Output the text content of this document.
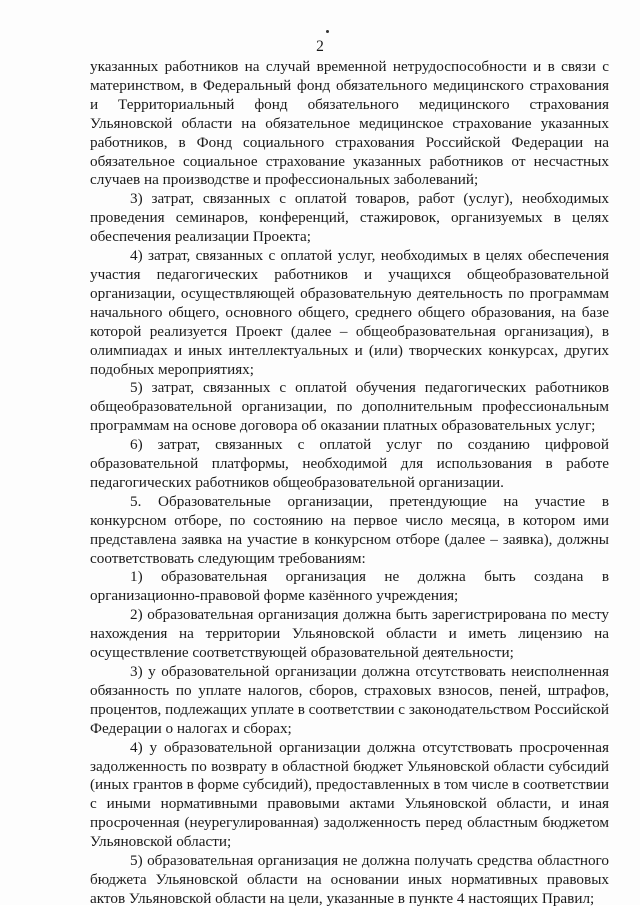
2

указанных работников на случай временной нетрудоспособности и в связи с материнством, в Федеральный фонд обязательного медицинского страхования и Территориальный фонд обязательного медицинского страхования Ульяновской области на обязательное медицинское страхование указанных работников, в Фонд социального страхования Российской Федерации на обязательное социальное страхование указанных работников от несчастных случаев на производстве и профессиональных заболеваний;

3) затрат, связанных с оплатой товаров, работ (услуг), необходимых проведения семинаров, конференций, стажировок, организуемых в целях обеспечения реализации Проекта;

4) затрат, связанных с оплатой услуг, необходимых в целях обеспечения участия педагогических работников и учащихся общеобразовательной организации, осуществляющей образовательную деятельность по программам начального общего, основного общего, среднего общего образования, на базе которой реализуется Проект (далее – общеобразовательная организация), в олимпиадах и иных интеллектуальных и (или) творческих конкурсах, других подобных мероприятиях;

5) затрат, связанных с оплатой обучения педагогических работников общеобразовательной организации, по дополнительным профессиональным программам на основе договора об оказании платных образовательных услуг;

6) затрат, связанных с оплатой услуг по созданию цифровой образовательной платформы, необходимой для использования в работе педагогических работников общеобразовательной организации.

5. Образовательные организации, претендующие на участие в конкурсном отборе, по состоянию на первое число месяца, в котором ими представлена заявка на участие в конкурсном отборе (далее – заявка), должны соответствовать следующим требованиям:

1) образовательная организация не должна быть создана в организационно-правовой форме казённого учреждения;

2) образовательная организация должна быть зарегистрирована по месту нахождения на территории Ульяновской области и иметь лицензию на осуществление соответствующей образовательной деятельности;

3) у образовательной организации должна отсутствовать неисполненная обязанность по уплате налогов, сборов, страховых взносов, пеней, штрафов, процентов, подлежащих уплате в соответствии с законодательством Российской Федерации о налогах и сборах;

4) у образовательной организации должна отсутствовать просроченная задолженность по возврату в областной бюджет Ульяновской области субсидий (иных грантов в форме субсидий), предоставленных в том числе в соответствии с иными нормативными правовыми актами Ульяновской области, и иная просроченная (неурегулированная) задолженность перед областным бюджетом Ульяновской области;

5) образовательная организация не должна получать средства областного бюджета Ульяновской области на основании иных нормативных правовых актов Ульяновской области на цели, указанные в пункте 4 настоящих Правил;
